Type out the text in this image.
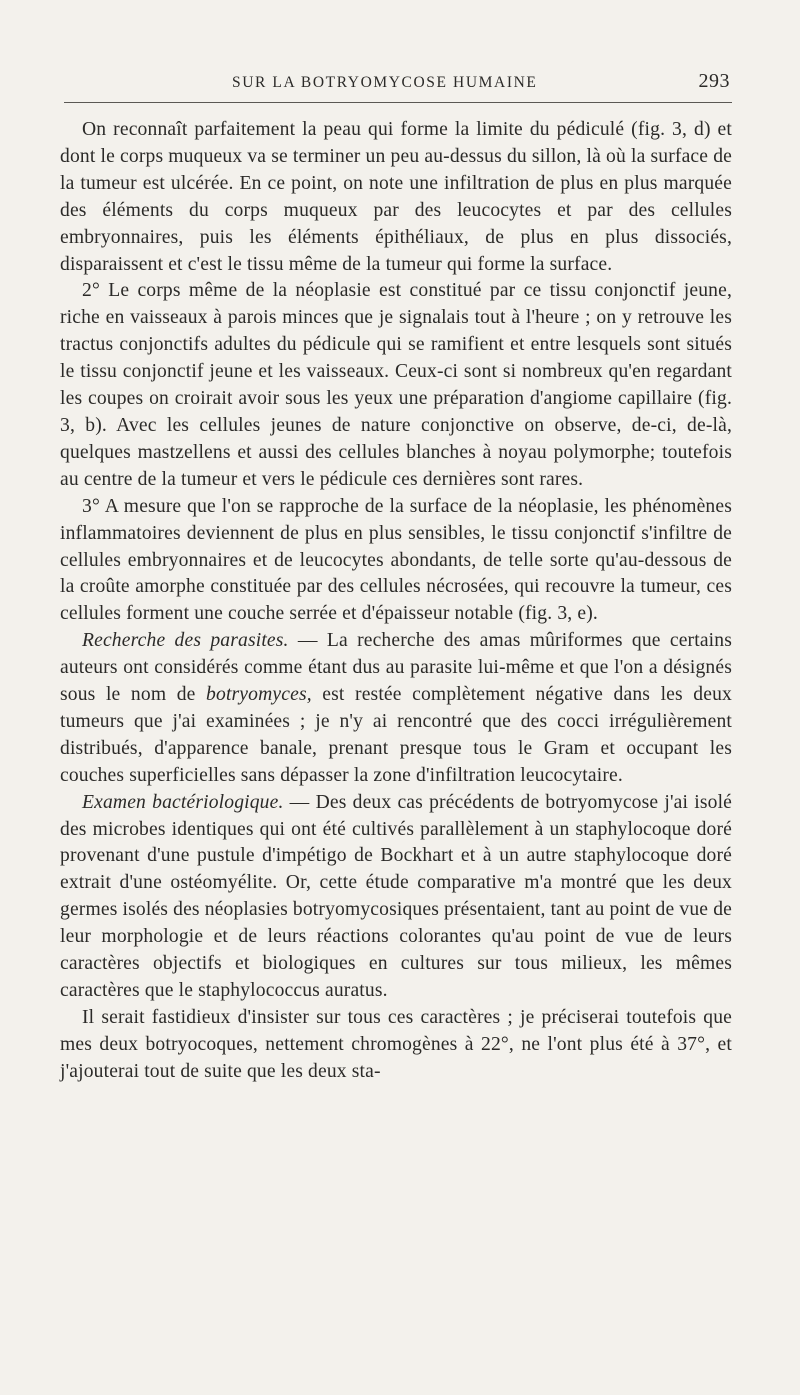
SUR LA BOTRYOMYCOSE HUMAINE	293

On reconnaît parfaitement la peau qui forme la limite du pédiculé (fig. 3, d) et dont le corps muqueux va se terminer un peu au-dessus du sillon, là où la surface de la tumeur est ulcérée. En ce point, on note une infiltration de plus en plus marquée des éléments du corps muqueux par des leucocytes et par des cellules embryonnaires, puis les éléments épithéliaux, de plus en plus dissociés, disparaissent et c'est le tissu même de la tumeur qui forme la surface.

2° Le corps même de la néoplasie est constitué par ce tissu conjonctif jeune, riche en vaisseaux à parois minces que je signalais tout à l'heure ; on y retrouve les tractus conjonctifs adultes du pédicule qui se ramifient et entre lesquels sont situés le tissu conjonctif jeune et les vaisseaux. Ceux-ci sont si nombreux qu'en regardant les coupes on croirait avoir sous les yeux une préparation d'angiome capillaire (fig. 3, b). Avec les cellules jeunes de nature conjonctive on observe, de-ci, de-là, quelques mastzellens et aussi des cellules blanches à noyau polymorphe; toutefois au centre de la tumeur et vers le pédicule ces dernières sont rares.

3° A mesure que l'on se rapproche de la surface de la néoplasie, les phénomènes inflammatoires deviennent de plus en plus sensibles, le tissu conjonctif s'infiltre de cellules embryonnaires et de leucocytes abondants, de telle sorte qu'au-dessous de la croûte amorphe constituée par des cellules nécrosées, qui recouvre la tumeur, ces cellules forment une couche serrée et d'épaisseur notable (fig. 3, e).

Recherche des parasites. — La recherche des amas mûriformes que certains auteurs ont considérés comme étant dus au parasite lui-même et que l'on a désignés sous le nom de botryomyces, est restée complètement négative dans les deux tumeurs que j'ai examinées ; je n'y ai rencontré que des cocci irrégulièrement distribués, d'apparence banale, prenant presque tous le Gram et occupant les couches superficielles sans dépasser la zone d'infiltration leucocytaire.

Examen bactériologique. — Des deux cas précédents de botryomycose j'ai isolé des microbes identiques qui ont été cultivés parallèlement à un staphylocoque doré provenant d'une pustule d'impétigo de Bockhart et à un autre staphylocoque doré extrait d'une ostéomyélite. Or, cette étude comparative m'a montré que les deux germes isolés des néoplasies botryomycosiques présentaient, tant au point de vue de leur morphologie et de leurs réactions colorantes qu'au point de vue de leurs caractères objectifs et biologiques en cultures sur tous milieux, les mêmes caractères que le staphylococcus auratus.

Il serait fastidieux d'insister sur tous ces caractères ; je préciserai toutefois que mes deux botryocoques, nettement chromogènes à 22°, ne l'ont plus été à 37°, et j'ajouterai tout de suite que les deux sta-
